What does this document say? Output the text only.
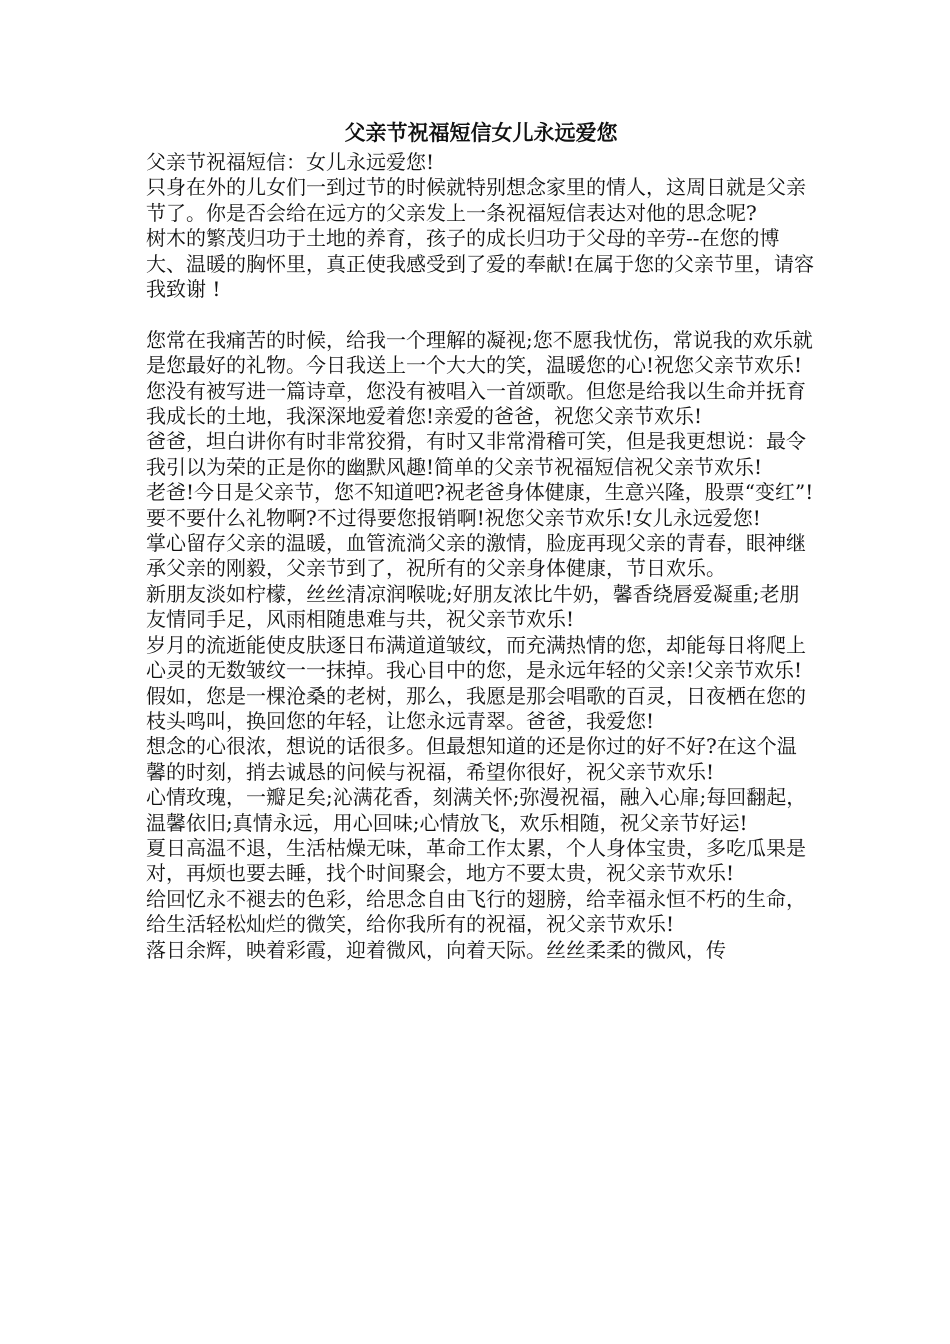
父亲节祝福短信女儿永远爱您

父亲节祝福短信：女儿永远爱您!

只身在外的儿女们一到过节的时候就特别想念家里的情人，这周日就是父亲节了。你是否会给在远方的父亲发上一条祝福短信表达对他的思念呢?

树木的繁茂归功于土地的养育，孩子的成长归功于父母的辛劳--在您的博大、温暖的胸怀里，真正使我感受到了爱的奉献!在属于您的父亲节里，请容我致谢 !

您常在我痛苦的时候，给我一个理解的凝视;您不愿我忧伤，常说我的欢乐就是您最好的礼物。今日我送上一个大大的笑，温暖您的心!祝您父亲节欢乐!

您没有被写进一篇诗章，您没有被唱入一首颂歌。但您是给我以生命并抚育我成长的土地，我深深地爱着您!亲爱的爸爸，祝您父亲节欢乐!

爸爸，坦白讲你有时非常狡猾，有时又非常滑稽可笑，但是我更想说：最令我引以为荣的正是你的幽默风趣!简单的父亲节祝福短信祝父亲节欢乐!

老爸!今日是父亲节，您不知道吧?祝老爸身体健康，生意兴隆，股票“变红”!要不要什么礼物啊?不过得要您报销啊!祝您父亲节欢乐!女儿永远爱您!

掌心留存父亲的温暖，血管流淌父亲的激情，脸庞再现父亲的青春，眼神继承父亲的刚毅，父亲节到了，祝所有的父亲身体健康，节日欢乐。

新朋友淡如柠檬，丝丝清凉润喉咙;好朋友浓比牛奶，馨香绕唇爱凝重;老朋友情同手足，风雨相随患难与共，祝父亲节欢乐!

岁月的流逝能使皮肤逐日布满道道皱纹，而充满热情的您，却能每日将爬上心灵的无数皱纹一一抹掉。我心目中的您，是永远年轻的父亲!父亲节欢乐!

假如，您是一棵沧桑的老树，那么，我愿是那会唱歌的百灵，日夜栖在您的枝头鸣叫，换回您的年轻，让您永远青翠。爸爸，我爱您!

想念的心很浓，想说的话很多。但最想知道的还是你过的好不好?在这个温馨的时刻，捎去诚恳的问候与祝福，希望你很好，祝父亲节欢乐!

心情玫瑰，一瓣足矣;沁满花香，刻满关怀;弥漫祝福，融入心扉;每回翻起，温馨依旧;真情永远，用心回味;心情放飞，欢乐相随，祝父亲节好运!

夏日高温不退，生活枯燥无味，革命工作太累，个人身体宝贵，多吃瓜果是对，再烦也要去睡，找个时间聚会，地方不要太贵，祝父亲节欢乐!

给回忆永不褪去的色彩，给思念自由飞行的翅膀，给幸福永恒不朽的生命，给生活轻松灿烂的微笑，给你我所有的祝福，祝父亲节欢乐!

落日余辉，映着彩霞，迎着微风，向着天际。丝丝柔柔的微风，传
